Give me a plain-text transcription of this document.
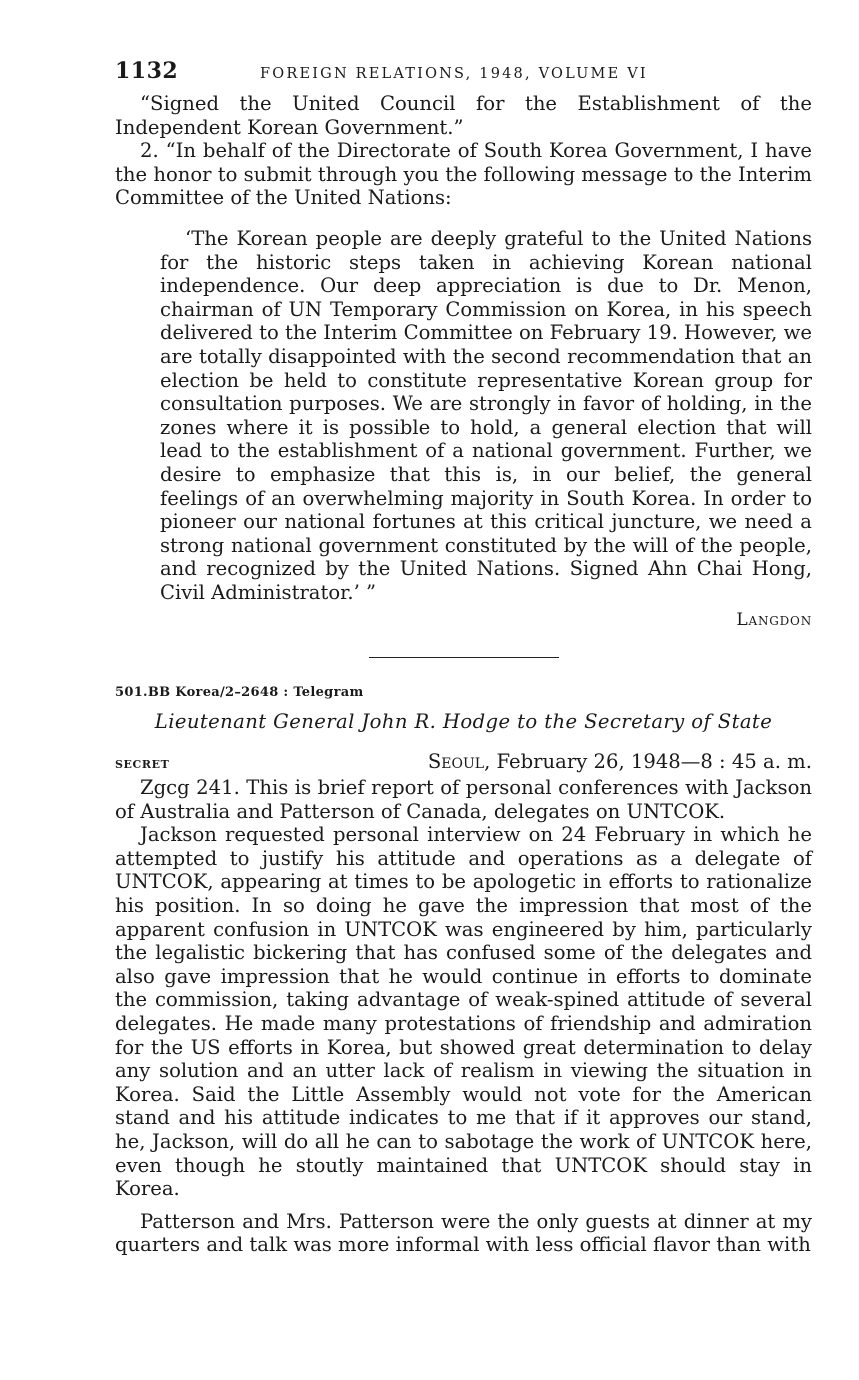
1132	FOREIGN RELATIONS, 1948, VOLUME VI

“Signed the United Council for the Establishment of the Independent Korean Government.”

2. “In behalf of the Directorate of South Korea Government, I have the honor to submit through you the following message to the Interim Committee of the United Nations:

‘The Korean people are deeply grateful to the United Nations for the historic steps taken in achieving Korean national independence. Our deep appreciation is due to Dr. Menon, chairman of UN Temporary Commission on Korea, in his speech delivered to the Interim Committee on February 19. However, we are totally disappointed with the second recommendation that an election be held to constitute representative Korean group for consultation purposes. We are strongly in favor of holding, in the zones where it is possible to hold, a general election that will lead to the establishment of a national government. Further, we desire to emphasize that this is, in our belief, the general feelings of an overwhelming majority in South Korea. In order to pioneer our national fortunes at this critical juncture, we need a strong national government constituted by the will of the people, and recognized by the United Nations. Signed Ahn Chai Hong, Civil Administrator.’ ”

Langdon
501.BB Korea/2–2648 : Telegram
Lieutenant General John R. Hodge to the Secretary of State
secret	Seoul, February 26, 1948—8 : 45 a. m.

Zgcg 241. This is brief report of personal conferences with Jackson of Australia and Patterson of Canada, delegates on UNTCOK.

Jackson requested personal interview on 24 February in which he attempted to justify his attitude and operations as a delegate of UNTCOK, appearing at times to be apologetic in efforts to rationalize his position. In so doing he gave the impression that most of the apparent confusion in UNTCOK was engineered by him, particularly the legalistic bickering that has confused some of the delegates and also gave impression that he would continue in efforts to dominate the commission, taking advantage of weak-spined attitude of several delegates. He made many protestations of friendship and admiration for the US efforts in Korea, but showed great determination to delay any solution and an utter lack of realism in viewing the situation in Korea. Said the Little Assembly would not vote for the American stand and his attitude indicates to me that if it approves our stand, he, Jackson, will do all he can to sabotage the work of UNTCOK here, even though he stoutly maintained that UNTCOK should stay in Korea.

Patterson and Mrs. Patterson were the only guests at dinner at my quarters and talk was more informal with less official flavor than with
